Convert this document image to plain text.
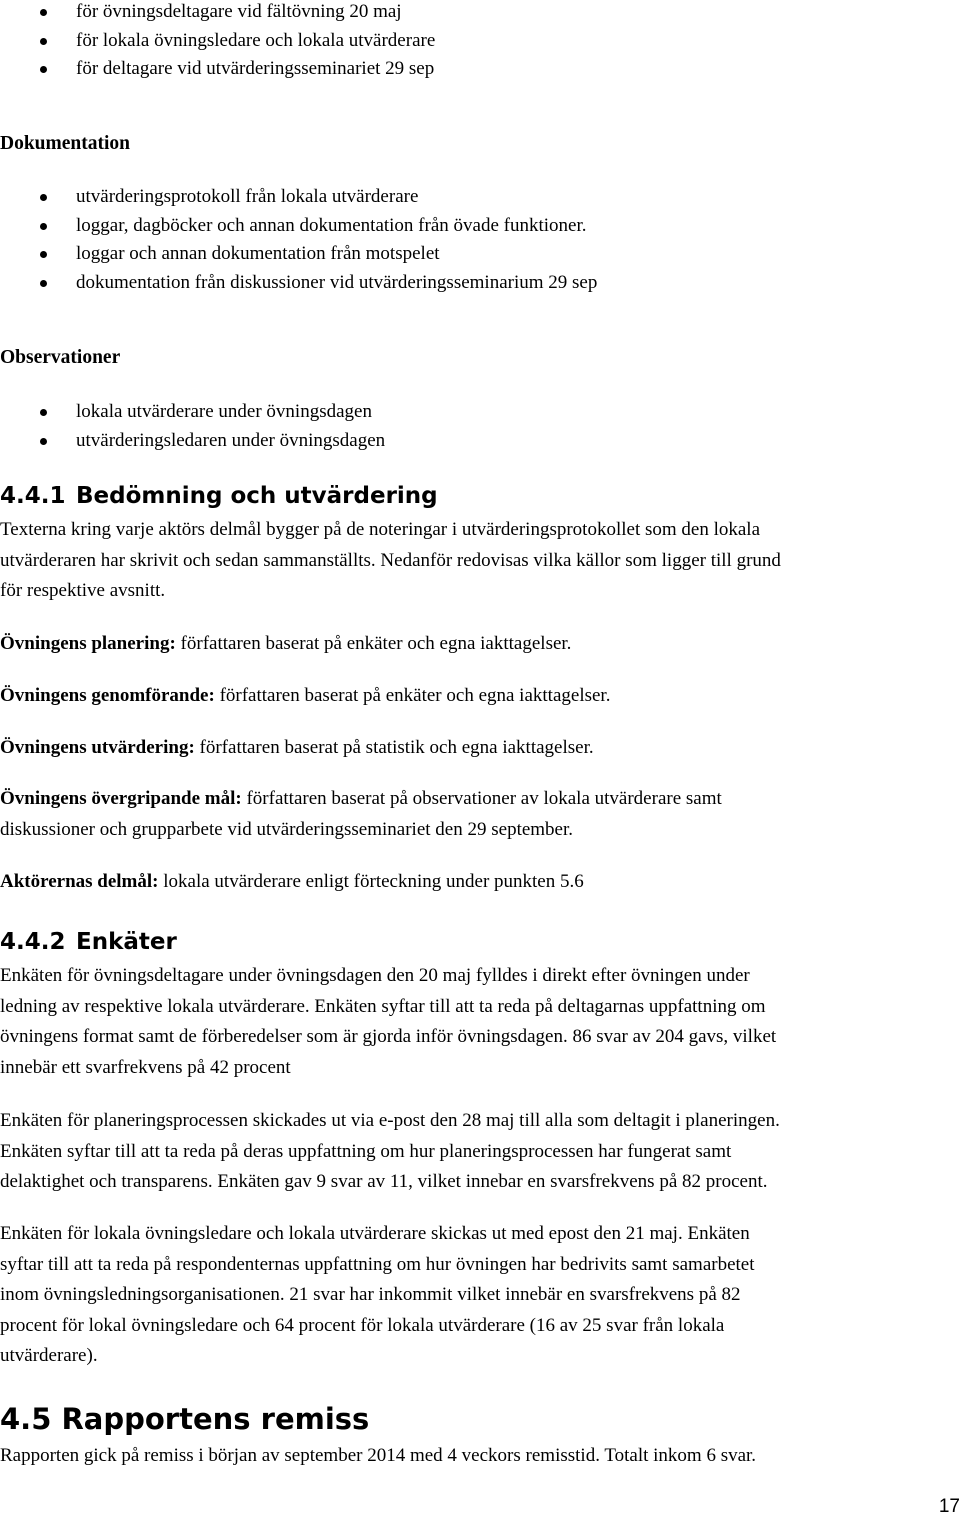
för övningsdeltagare vid fältövning 20 maj
för lokala övningsledare och lokala utvärderare
för deltagare vid utvärderingsseminariet 29 sep

Dokumentation

utvärderingsprotokoll från lokala utvärderare
loggar, dagböcker och annan dokumentation från övade funktioner.
loggar och annan dokumentation från motspelet
dokumentation från diskussioner vid utvärderingsseminarium 29 sep

Observationer

lokala utvärderare under övningsdagen
utvärderingsledaren under övningsdagen
4.4.1 Bedömning och utvärdering

Texterna kring varje aktörs delmål bygger på de noteringar i utvärderingsprotokollet som den lokala

utvärderaren har skrivit och sedan sammanställts. Nedanför redovisas vilka källor som ligger till grund

för respektive avsnitt.

Övningens planering: författaren baserat på enkäter och egna iakttagelser.

Övningens genomförande: författaren baserat på enkäter och egna iakttagelser.

Övningens utvärdering: författaren baserat på statistik och egna iakttagelser.

Övningens övergripande mål: författaren baserat på observationer av lokala utvärderare samt

diskussioner och grupparbete vid utvärderingsseminariet den 29 september.

Aktörernas delmål: lokala utvärderare enligt förteckning under punkten 5.6

4.4.2 Enkäter

Enkäten för övningsdeltagare under övningsdagen den 20 maj fylldes i direkt efter övningen under

ledning av respektive lokala utvärderare. Enkäten syftar till att ta reda på deltagarnas uppfattning om

övningens format samt de förberedelser som är gjorda inför övningsdagen. 86 svar av 204 gavs, vilket

innebär ett svarfrekvens på 42 procent

Enkäten för planeringsprocessen skickades ut via e-post den 28 maj till alla som deltagit i planeringen.

Enkäten syftar till att ta reda på deras uppfattning om hur planeringsprocessen har fungerat samt

delaktighet och transparens. Enkäten gav 9 svar av 11, vilket innebar en svarsfrekvens på 82 procent.

Enkäten för lokala övningsledare och lokala utvärderare skickas ut med epost den 21 maj. Enkäten

syftar till att ta reda på respondenternas uppfattning om hur övningen har bedrivits samt samarbetet

inom övningsledningsorganisationen. 21 svar har inkommit vilket innebär en svarsfrekvens på 82

procent för lokal övningsledare och 64 procent för lokala utvärderare (16 av 25 svar från lokala

utvärderare).

4.5 Rapportens remiss

Rapporten gick på remiss i början av september 2014 med 4 veckors remisstid. Totalt inkom 6 svar.

17
